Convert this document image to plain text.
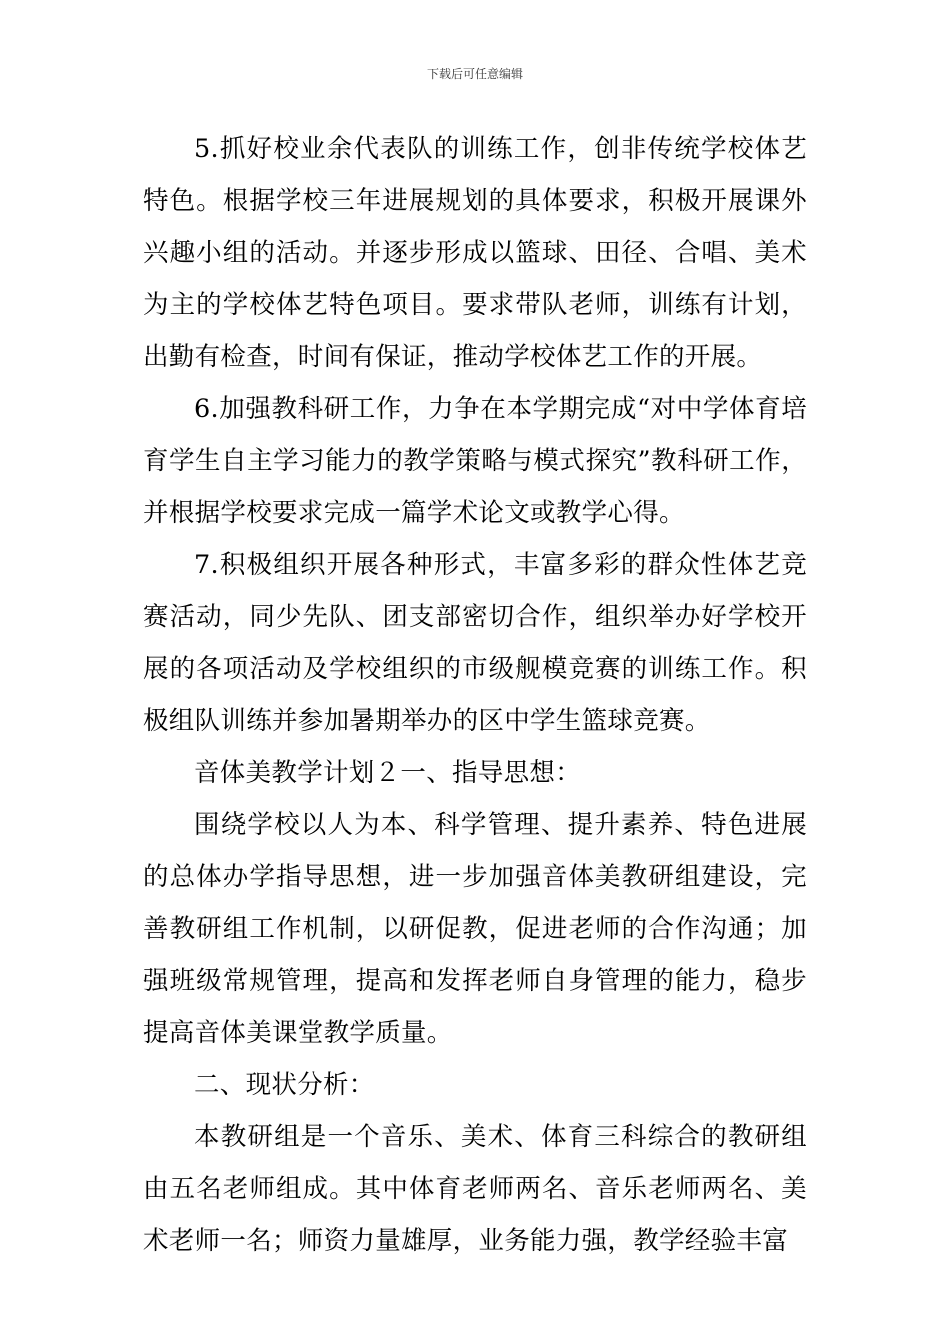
下载后可任意编辑

5.抓好校业余代表队的训练工作，创非传统学校体艺特色。根据学校三年进展规划的具体要求，积极开展课外兴趣小组的活动。并逐步形成以篮球、田径、合唱、美术为主的学校体艺特色项目。要求带队老师，训练有计划，出勤有检查，时间有保证，推动学校体艺工作的开展。

6.加强教科研工作，力争在本学期完成“对中学体育培育学生自主学习能力的教学策略与模式探究”教科研工作，并根据学校要求完成一篇学术论文或教学心得。

7.积极组织开展各种形式，丰富多彩的群众性体艺竞赛活动，同少先队、团支部密切合作，组织举办好学校开展的各项活动及学校组织的市级舰模竞赛的训练工作。积极组队训练并参加暑期举办的区中学生篮球竞赛。

音体美教学计划２一、指导思想：

围绕学校以人为本、科学管理、提升素养、特色进展的总体办学指导思想，进一步加强音体美教研组建设，完善教研组工作机制，以研促教，促进老师的合作沟通；加强班级常规管理，提高和发挥老师自身管理的能力，稳步提高音体美课堂教学质量。

二、现状分析：

本教研组是一个音乐、美术、体育三科综合的教研组由五名老师组成。其中体育老师两名、音乐老师两名、美术老师一名；师资力量雄厚，业务能力强，教学经验丰富
